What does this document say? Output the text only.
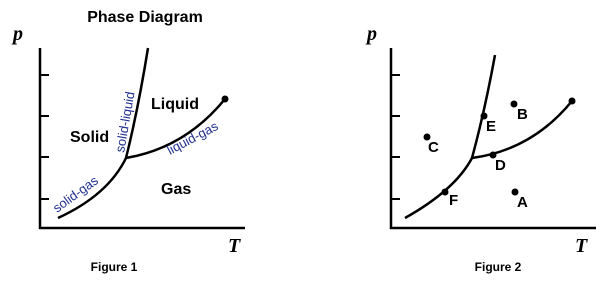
Phase Diagram
p
T
Liquid
Solid
Gas
solid-liquid liquid-gas
solid-gas
Figure 1
p
T
A
B
C
D
E
F
Figure 2
